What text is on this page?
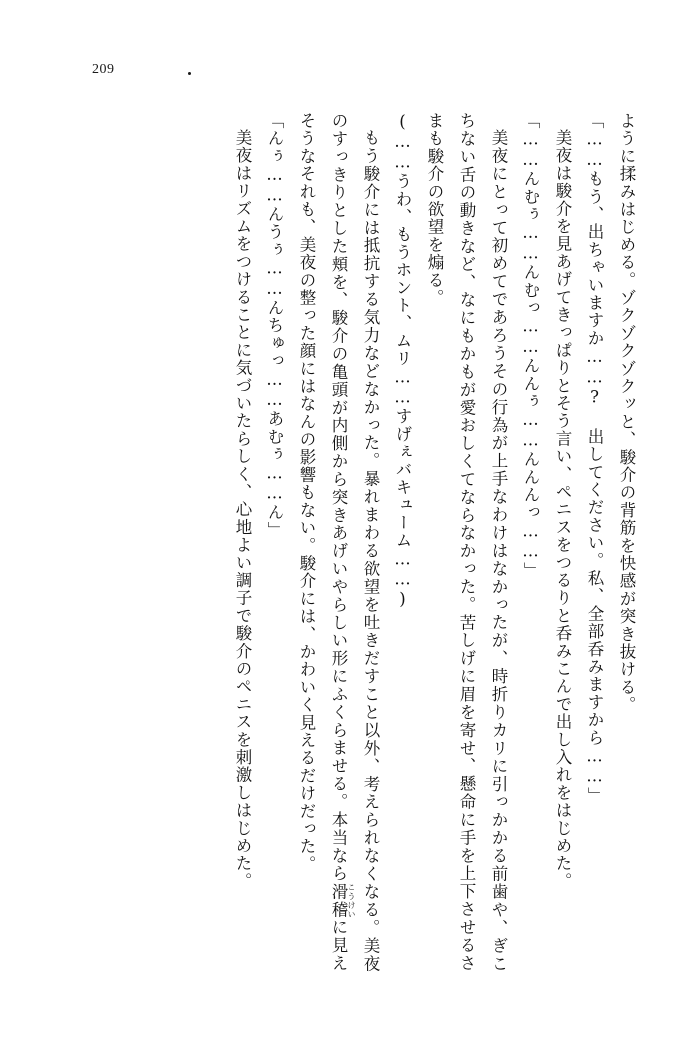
209

ように揉みはじめる。ゾクゾクゾクッと、駿介の背筋を快感が突き抜ける。

「……もう、出ちゃいますか……? 出してください。私、全部呑みますから……」

美夜は駿介を見あげてきっぱりとそう言い、ペニスをつるりと呑みこんで出し入れをはじめた。

「……んむぅ……んむっ……んんぅ……んんんっ……」

美夜にとって初めてであろうその行為が上手なわけはなかったが、時折りカリに引っかかる前歯や、ぎこちない舌の動きなど、なにもかもが愛おしくてならなかった。苦しげに眉を寄せ、懸命に手を上下させるさまも駿介の欲望を煽る。

(……うわ、もうホント、ムリ……すげぇバキューム……)

もう駿介には抵抗する気力などなかった。暴れまわる欲望を吐きだすこと以外、考えられなくなる。美夜のすっきりとした頬を、駿介の亀頭が内側から突きあげいやらしい形にふくらませる。本当なら滑稽 こうけいに見えそうなそれも、美夜の整った顔にはなんの影響もない。駿介には、かわいく見えるだけだった。

「んぅ……んうぅ……んちゅっ……あむぅ……ん」

美夜はリズムをつけることに気づいたらしく、心地よい調子で駿介のペニスを刺激しはじめた。
